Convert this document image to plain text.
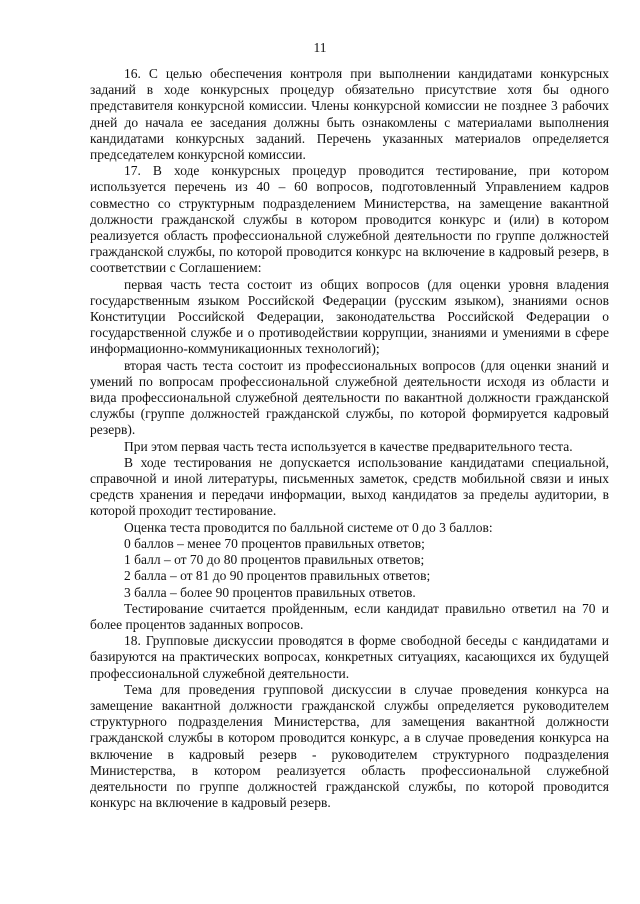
11

16. С целью обеспечения контроля при выполнении кандидатами конкурсных заданий в ходе конкурсных процедур обязательно присутствие хотя бы одного представителя конкурсной комиссии. Члены конкурсной комиссии не позднее 3 рабочих дней до начала ее заседания должны быть ознакомлены с материалами выполнения кандидатами конкурсных заданий. Перечень указанных материалов определяется председателем конкурсной комиссии.

17. В ходе конкурсных процедур проводится тестирование, при котором используется перечень из 40 – 60 вопросов, подготовленный Управлением кадров совместно со структурным подразделением Министерства, на замещение вакантной должности гражданской службы в котором проводится конкурс и (или) в котором реализуется область профессиональной служебной деятельности по группе должностей гражданской службы, по которой проводится конкурс на включение в кадровый резерв, в соответствии с Соглашением:

первая часть теста состоит из общих вопросов (для оценки уровня владения государственным языком Российской Федерации (русским языком), знаниями основ Конституции Российской Федерации, законодательства Российской Федерации о государственной службе и о противодействии коррупции, знаниями и умениями в сфере информационно-коммуникационных технологий);

вторая часть теста состоит из профессиональных вопросов (для оценки знаний и умений по вопросам профессиональной служебной деятельности исходя из области и вида профессиональной служебной деятельности по вакантной должности гражданской службы (группе должностей гражданской службы, по которой формируется кадровый резерв).

При этом первая часть теста используется в качестве предварительного теста.

В ходе тестирования не допускается использование кандидатами специальной, справочной и иной литературы, письменных заметок, средств мобильной связи и иных средств хранения и передачи информации, выход кандидатов за пределы аудитории, в которой проходит тестирование.

Оценка теста проводится по балльной системе от 0 до 3 баллов:

0 баллов – менее 70 процентов правильных ответов;

1 балл – от 70 до 80 процентов правильных ответов;

2 балла – от 81 до 90 процентов правильных ответов;

3 балла – более 90 процентов правильных ответов.

Тестирование считается пройденным, если кандидат правильно ответил на 70 и более процентов заданных вопросов.

18. Групповые дискуссии проводятся в форме свободной беседы с кандидатами и базируются на практических вопросах, конкретных ситуациях, касающихся их будущей профессиональной служебной деятельности.

Тема для проведения групповой дискуссии в случае проведения конкурса на замещение вакантной должности гражданской службы определяется руководителем структурного подразделения Министерства, для замещения вакантной должности гражданской службы в котором проводится конкурс, а в случае проведения конкурса на включение в кадровый резерв - руководителем структурного подразделения Министерства, в котором реализуется область профессиональной служебной деятельности по группе должностей гражданской службы, по которой проводится конкурс на включение в кадровый резерв.
